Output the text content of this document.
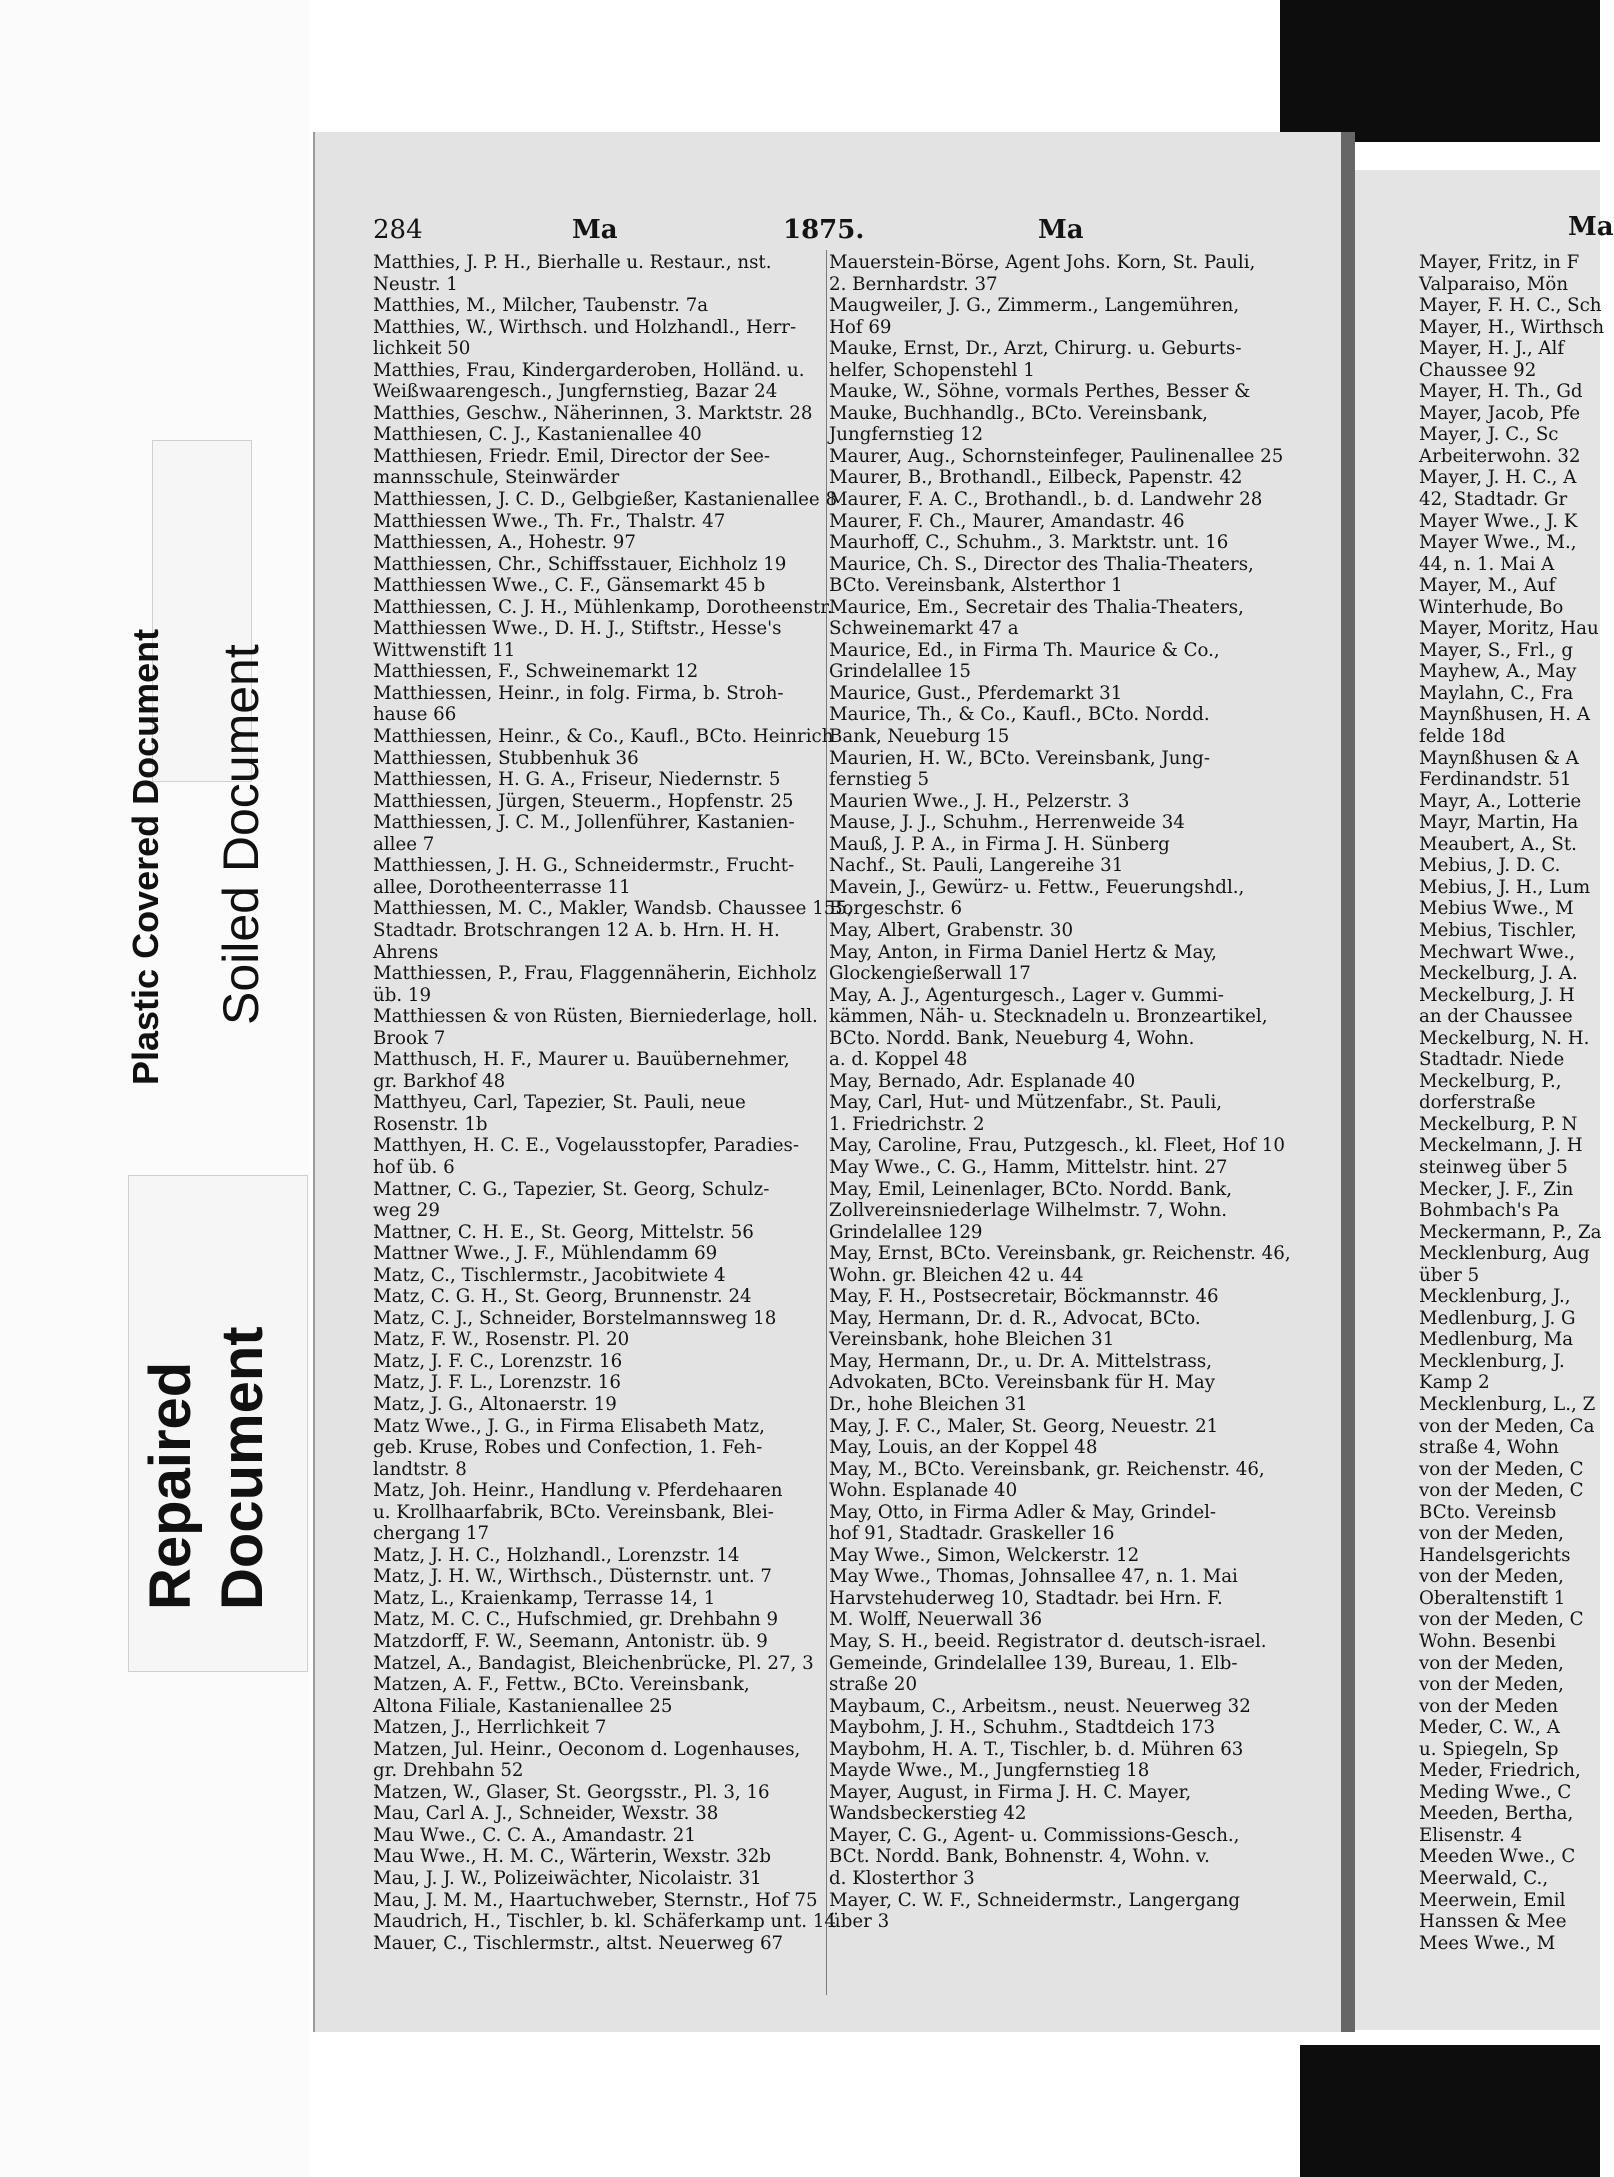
Plastic Covered Document Soiled Document
Repaired Document
284	Ma	1875.	Ma	Ma
Matthies, J. P. H., Bierhalle u. Restaur., nst.
Neustr. 1
Matthies, M., Milcher, Taubenstr. 7a
Matthies, W., Wirthsch. und Holzhandl., Herr-
lichkeit 50
Matthies, Frau, Kindergarderoben, Holländ. u.
Weißwaarengesch., Jungfernstieg, Bazar 24
Matthies, Geschw., Näherinnen, 3. Marktstr. 28
Matthiesen, C. J., Kastanienallee 40
Matthiesen, Friedr. Emil, Director der See-
mannsschule, Steinwärder
Matthiessen, J. C. D., Gelbgießer, Kastanienallee 8
Matthiessen Wwe., Th. Fr., Thalstr. 47
Matthiessen, A., Hohestr. 97
Matthiessen, Chr., Schiffsstauer, Eichholz 19
Matthiessen Wwe., C. F., Gänsemarkt 45 b
Matthiessen, C. J. H., Mühlenkamp, Dorotheenstr.
Matthiessen Wwe., D. H. J., Stiftstr., Hesse's
Wittwenstift 11
Matthiessen, F., Schweinemarkt 12
Matthiessen, Heinr., in folg. Firma, b. Stroh-
hause 66
Matthiessen, Heinr., & Co., Kaufl., BCto. Heinrich
Matthiessen, Stubbenhuk 36
Matthiessen, H. G. A., Friseur, Niedernstr. 5
Matthiessen, Jürgen, Steuerm., Hopfenstr. 25
Matthiessen, J. C. M., Jollenführer, Kastanien-
allee 7
Matthiessen, J. H. G., Schneidermstr., Frucht-
allee, Dorotheenterrasse 11
Matthiessen, M. C., Makler, Wandsb. Chaussee 155,
Stadtadr. Brotschrangen 12 A. b. Hrn. H. H.
Ahrens
Matthiessen, P., Frau, Flaggennäherin, Eichholz
üb. 19
Matthiessen & von Rüsten, Bierniederlage, holl.
Brook 7
Matthusch, H. F., Maurer u. Bauübernehmer,
gr. Barkhof 48
Matthyeu, Carl, Tapezier, St. Pauli, neue
Rosenstr. 1b
Matthyen, H. C. E., Vogelausstopfer, Paradies-
hof üb. 6
Mattner, C. G., Tapezier, St. Georg, Schulz-
weg 29
Mattner, C. H. E., St. Georg, Mittelstr. 56
Mattner Wwe., J. F., Mühlendamm 69
Matz, C., Tischlermstr., Jacobitwiete 4
Matz, C. G. H., St. Georg, Brunnenstr. 24
Matz, C. J., Schneider, Borstelmannsweg 18
Matz, F. W., Rosenstr. Pl. 20
Matz, J. F. C., Lorenzstr. 16
Matz, J. F. L., Lorenzstr. 16
Matz, J. G., Altonaerstr. 19
Matz Wwe., J. G., in Firma Elisabeth Matz,
geb. Kruse, Robes und Confection, 1. Feh-
landtstr. 8
Matz, Joh. Heinr., Handlung v. Pferdehaaren
u. Krollhaarfabrik, BCto. Vereinsbank, Blei-
chergang 17
Matz, J. H. C., Holzhandl., Lorenzstr. 14
Matz, J. H. W., Wirthsch., Düsternstr. unt. 7
Matz, L., Kraienkamp, Terrasse 14, 1
Matz, M. C. C., Hufschmied, gr. Drehbahn 9
Matzdorff, F. W., Seemann, Antonistr. üb. 9
Matzel, A., Bandagist, Bleichenbrücke, Pl. 27, 3
Matzen, A. F., Fettw., BCto. Vereinsbank,
Altona Filiale, Kastanienallee 25
Matzen, J., Herrlichkeit 7
Matzen, Jul. Heinr., Oeconom d. Logenhauses,
gr. Drehbahn 52
Matzen, W., Glaser, St. Georgsstr., Pl. 3, 16
Mau, Carl A. J., Schneider, Wexstr. 38
Mau Wwe., C. C. A., Amandastr. 21
Mau Wwe., H. M. C., Wärterin, Wexstr. 32b
Mau, J. J. W., Polizeiwächter, Nicolaistr. 31
Mau, J. M. M., Haartuchweber, Sternstr., Hof 75
Maudrich, H., Tischler, b. kl. Schäferkamp unt. 14
Mauer, C., Tischlermstr., altst. Neuerweg 67
Mauerstein-Börse, Agent Johs. Korn, St. Pauli,
2. Bernhardstr. 37
Maugweiler, J. G., Zimmerm., Langemühren,
Hof 69
Mauke, Ernst, Dr., Arzt, Chirurg. u. Geburts-
helfer, Schopenstehl 1
Mauke, W., Söhne, vormals Perthes, Besser &
Mauke, Buchhandlg., BCto. Vereinsbank,
Jungfernstieg 12
Maurer, Aug., Schornsteinfeger, Paulinenallee 25
Maurer, B., Brothandl., Eilbeck, Papenstr. 42
Maurer, F. A. C., Brothandl., b. d. Landwehr 28
Maurer, F. Ch., Maurer, Amandastr. 46
Maurhoff, C., Schuhm., 3. Marktstr. unt. 16
Maurice, Ch. S., Director des Thalia-Theaters,
BCto. Vereinsbank, Alsterthor 1
Maurice, Em., Secretair des Thalia-Theaters,
Schweinemarkt 47 a
Maurice, Ed., in Firma Th. Maurice & Co.,
Grindelallee 15
Maurice, Gust., Pferdemarkt 31
Maurice, Th., & Co., Kaufl., BCto. Nordd.
Bank, Neueburg 15
Maurien, H. W., BCto. Vereinsbank, Jung-
fernstieg 5
Maurien Wwe., J. H., Pelzerstr. 3
Mause, J. J., Schuhm., Herrenweide 34
Mauß, J. P. A., in Firma J. H. Sünberg
Nachf., St. Pauli, Langereihe 31
Mavein, J., Gewürz- u. Fettw., Feuerungshdl.,
Borgeschstr. 6
May, Albert, Grabenstr. 30
May, Anton, in Firma Daniel Hertz & May,
Glockengießerwall 17
May, A. J., Agenturgesch., Lager v. Gummi-
kämmen, Näh- u. Stecknadeln u. Bronzeartikel,
BCto. Nordd. Bank, Neueburg 4, Wohn.
a. d. Koppel 48
May, Bernado, Adr. Esplanade 40
May, Carl, Hut- und Mützenfabr., St. Pauli,
1. Friedrichstr. 2
May, Caroline, Frau, Putzgesch., kl. Fleet, Hof 10
May Wwe., C. G., Hamm, Mittelstr. hint. 27
May, Emil, Leinenlager, BCto. Nordd. Bank,
Zollvereinsniederlage Wilhelmstr. 7, Wohn.
Grindelallee 129
May, Ernst, BCto. Vereinsbank, gr. Reichenstr. 46,
Wohn. gr. Bleichen 42 u. 44
May, F. H., Postsecretair, Böckmannstr. 46
May, Hermann, Dr. d. R., Advocat, BCto.
Vereinsbank, hohe Bleichen 31
May, Hermann, Dr., u. Dr. A. Mittelstrass,
Advokaten, BCto. Vereinsbank für H. May
Dr., hohe Bleichen 31
May, J. F. C., Maler, St. Georg, Neuestr. 21
May, Louis, an der Koppel 48
May, M., BCto. Vereinsbank, gr. Reichenstr. 46,
Wohn. Esplanade 40
May, Otto, in Firma Adler & May, Grindel-
hof 91, Stadtadr. Graskeller 16
May Wwe., Simon, Welckerstr. 12
May Wwe., Thomas, Johnsallee 47, n. 1. Mai
Harvstehuderweg 10, Stadtadr. bei Hrn. F.
M. Wolff, Neuerwall 36
May, S. H., beeid. Registrator d. deutsch-israel.
Gemeinde, Grindelallee 139, Bureau, 1. Elb-
straße 20
Maybaum, C., Arbeitsm., neust. Neuerweg 32
Maybohm, J. H., Schuhm., Stadtdeich 173
Maybohm, H. A. T., Tischler, b. d. Mühren 63
Mayde Wwe., M., Jungfernstieg 18
Mayer, August, in Firma J. H. C. Mayer,
Wandsbeckerstieg 42
Mayer, C. G., Agent- u. Commissions-Gesch.,
BCt. Nordd. Bank, Bohnenstr. 4, Wohn. v.
d. Klosterthor 3
Mayer, C. W. F., Schneidermstr., Langergang
über 3
Mayer, Fritz, in F
Valparaiso, Mön
Mayer, F. H. C., Sch
Mayer, H., Wirthsch
Mayer, H. J., Alf
Chaussee 92
Mayer, H. Th., Gd
Mayer, Jacob, Pfe
Mayer, J. C., Sc
Arbeiterwohn. 32
Mayer, J. H. C., A
42, Stadtadr. Gr
Mayer Wwe., J. K
Mayer Wwe., M.,
44, n. 1. Mai A
Mayer, M., Auf
Winterhude, Bo
Mayer, Moritz, Hau
Mayer, S., Frl., g
Mayhew, A., May
Maylahn, C., Fra
Maynßhusen, H. A
felde 18d
Maynßhusen & A
Ferdinandstr. 51
Mayr, A., Lotterie
Mayr, Martin, Ha
Meaubert, A., St.
Mebius, J. D. C.
Mebius, J. H., Lum
Mebius Wwe., M
Mebius, Tischler,
Mechwart Wwe.,
Meckelburg, J. A.
Meckelburg, J. H
an der Chaussee
Meckelburg, N. H.
Stadtadr. Niede
Meckelburg, P.,
dorferstraße
Meckelburg, P. N
Meckelmann, J. H
steinweg über 5
Mecker, J. F., Zin
Bohmbach's Pa
Meckermann, P., Za
Mecklenburg, Aug
über 5
Mecklenburg, J.,
Medlenburg, J. G
Medlenburg, Ma
Mecklenburg, J.
Kamp 2
Mecklenburg, L., Z
von der Meden, Ca
straße 4, Wohn
von der Meden, C
von der Meden, C
BCto. Vereinsb
von der Meden,
Handelsgerichts
von der Meden,
Oberaltenstift 1
von der Meden, C
Wohn. Besenbi
von der Meden,
von der Meden,
von der Meden
Meder, C. W., A
u. Spiegeln, Sp
Meder, Friedrich,
Meding Wwe., C
Meeden, Bertha,
Elisenstr. 4
Meeden Wwe., C
Meerwald, C.,
Meerwein, Emil
Hanssen & Mee
Mees Wwe., M
